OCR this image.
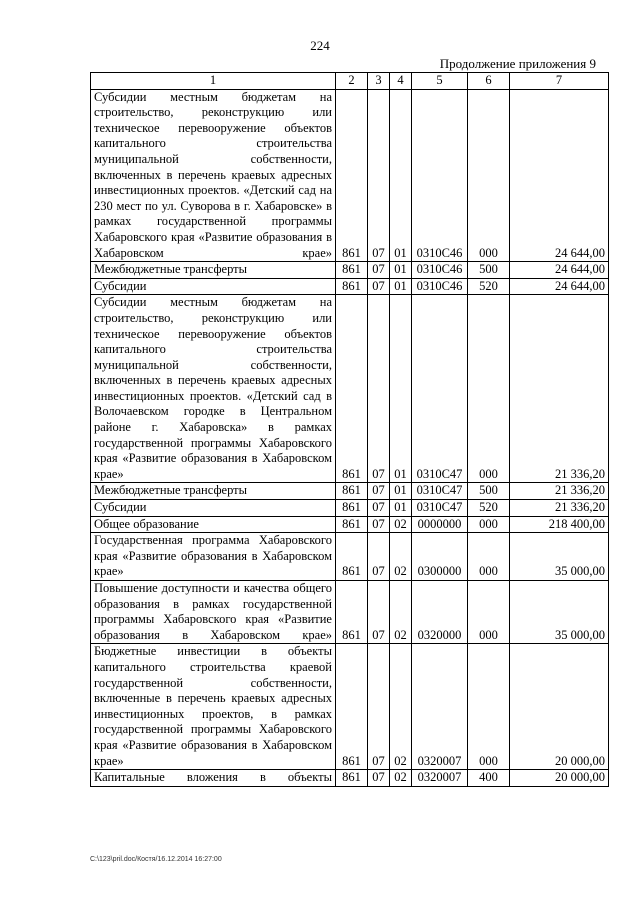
224
Продолжение приложения 9
1	2	3	4	5	6	7
Субсидии местным бюджетам на строительство, реконструкцию или техническое перевооружение объектов капитального строительства муниципальной собственности, включенных в перечень краевых адресных инвестиционных проектов. «Детский сад на 230 мест по ул. Суворова в г. Хабаровске» в рамках государственной программы Хабаровского края «Развитие образования в Хабаровском крае»	861	07	01	0310С46	000	24 644,00
Межбюджетные трансферты	861	07	01	0310С46	500	24 644,00
Субсидии	861	07	01	0310С46	520	24 644,00
Субсидии местным бюджетам на строительство, реконструкцию или техническое перевооружение объектов капитального строительства муниципальной собственности, включенных в перечень краевых адресных инвестиционных проектов. «Детский сад в Волочаевском городке в Центральном районе г. Хабаровска» в рамках государственной программы Хабаровского края «Развитие образования в Хабаровском крае»	861	07	01	0310С47	000	21 336,20
Межбюджетные трансферты	861	07	01	0310С47	500	21 336,20
Субсидии	861	07	01	0310С47	520	21 336,20
Общее образование	861	07	02	0000000	000	218 400,00
Государственная программа Хабаровского края «Развитие образования в Хабаровском крае»	861	07	02	0300000	000	35 000,00
Повышение доступности и качества общего образования в рамках государственной программы Хабаровского края «Развитие образования в Хабаровском крае»	861	07	02	0320000	000	35 000,00
Бюджетные инвестиции в объекты капитального строительства краевой государственной собственности, включенные в перечень краевых адресных инвестиционных проектов, в рамках государственной программы Хабаровского края «Развитие образования в Хабаровском крае»	861	07	02	0320007	000	20 000,00
Капитальные вложения в объекты	861	07	02	0320007	400	20 000,00
C:\123\pril.doc/Костя/16.12.2014 16:27:00
